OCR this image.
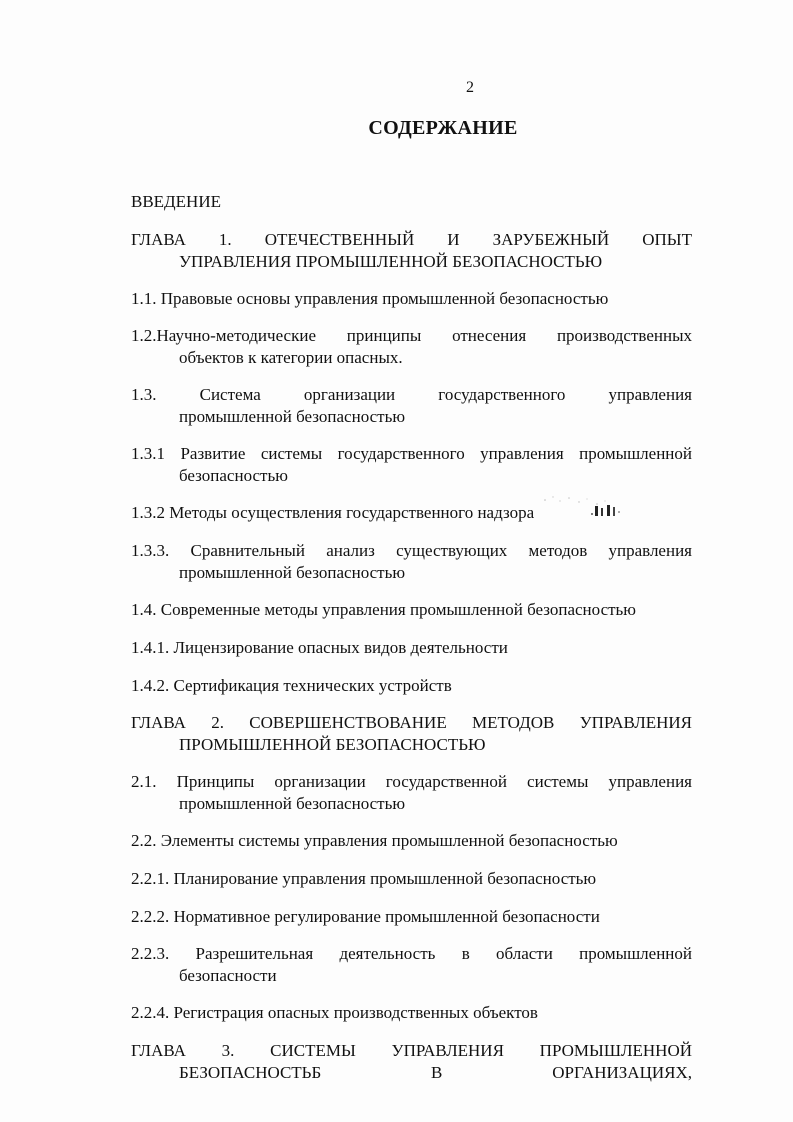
2
СОДЕРЖАНИЕ
ВВЕДЕНИЕ
ГЛАВА 1. ОТЕЧЕСТВЕННЫЙ И ЗАРУБЕЖНЫЙ ОПЫТ
УПРАВЛЕНИЯ ПРОМЫШЛЕННОЙ БЕЗОПАСНОСТЬЮ
1.1. Правовые основы управления промышленной безопасностью
1.2.Научно-методические принципы отнесения производственных
объектов к категории опасных.
1.3. Система организации государственного управления
промышленной безопасностью
1.3.1 Развитие системы государственного управления промышленной
безопасностью
1.3.2 Методы осуществления государственного надзора
1.3.3. Сравнительный анализ существующих методов управления
промышленной безопасностью
1.4. Современные методы управления промышленной безопасностью
1.4.1. Лицензирование опасных видов деятельности
1.4.2. Сертификация технических устройств
ГЛАВА 2. СОВЕРШЕНСТВОВАНИЕ МЕТОДОВ УПРАВЛЕНИЯ
ПРОМЫШЛЕННОЙ БЕЗОПАСНОСТЬЮ
2.1. Принципы организации государственной системы управления
промышленной безопасностью
2.2. Элементы системы управления промышленной безопасностью
2.2.1. Планирование управления промышленной безопасностью
2.2.2. Нормативное регулирование промышленной безопасности
2.2.3. Разрешительная деятельность в области промышленной
безопасности
2.2.4. Регистрация опасных производственных объектов
ГЛАВА 3. СИСТЕМЫ УПРАВЛЕНИЯ ПРОМЫШЛЕННОЙ
БЕЗОПАСНОСТЬБ В ОРГАНИЗАЦИЯХ,
